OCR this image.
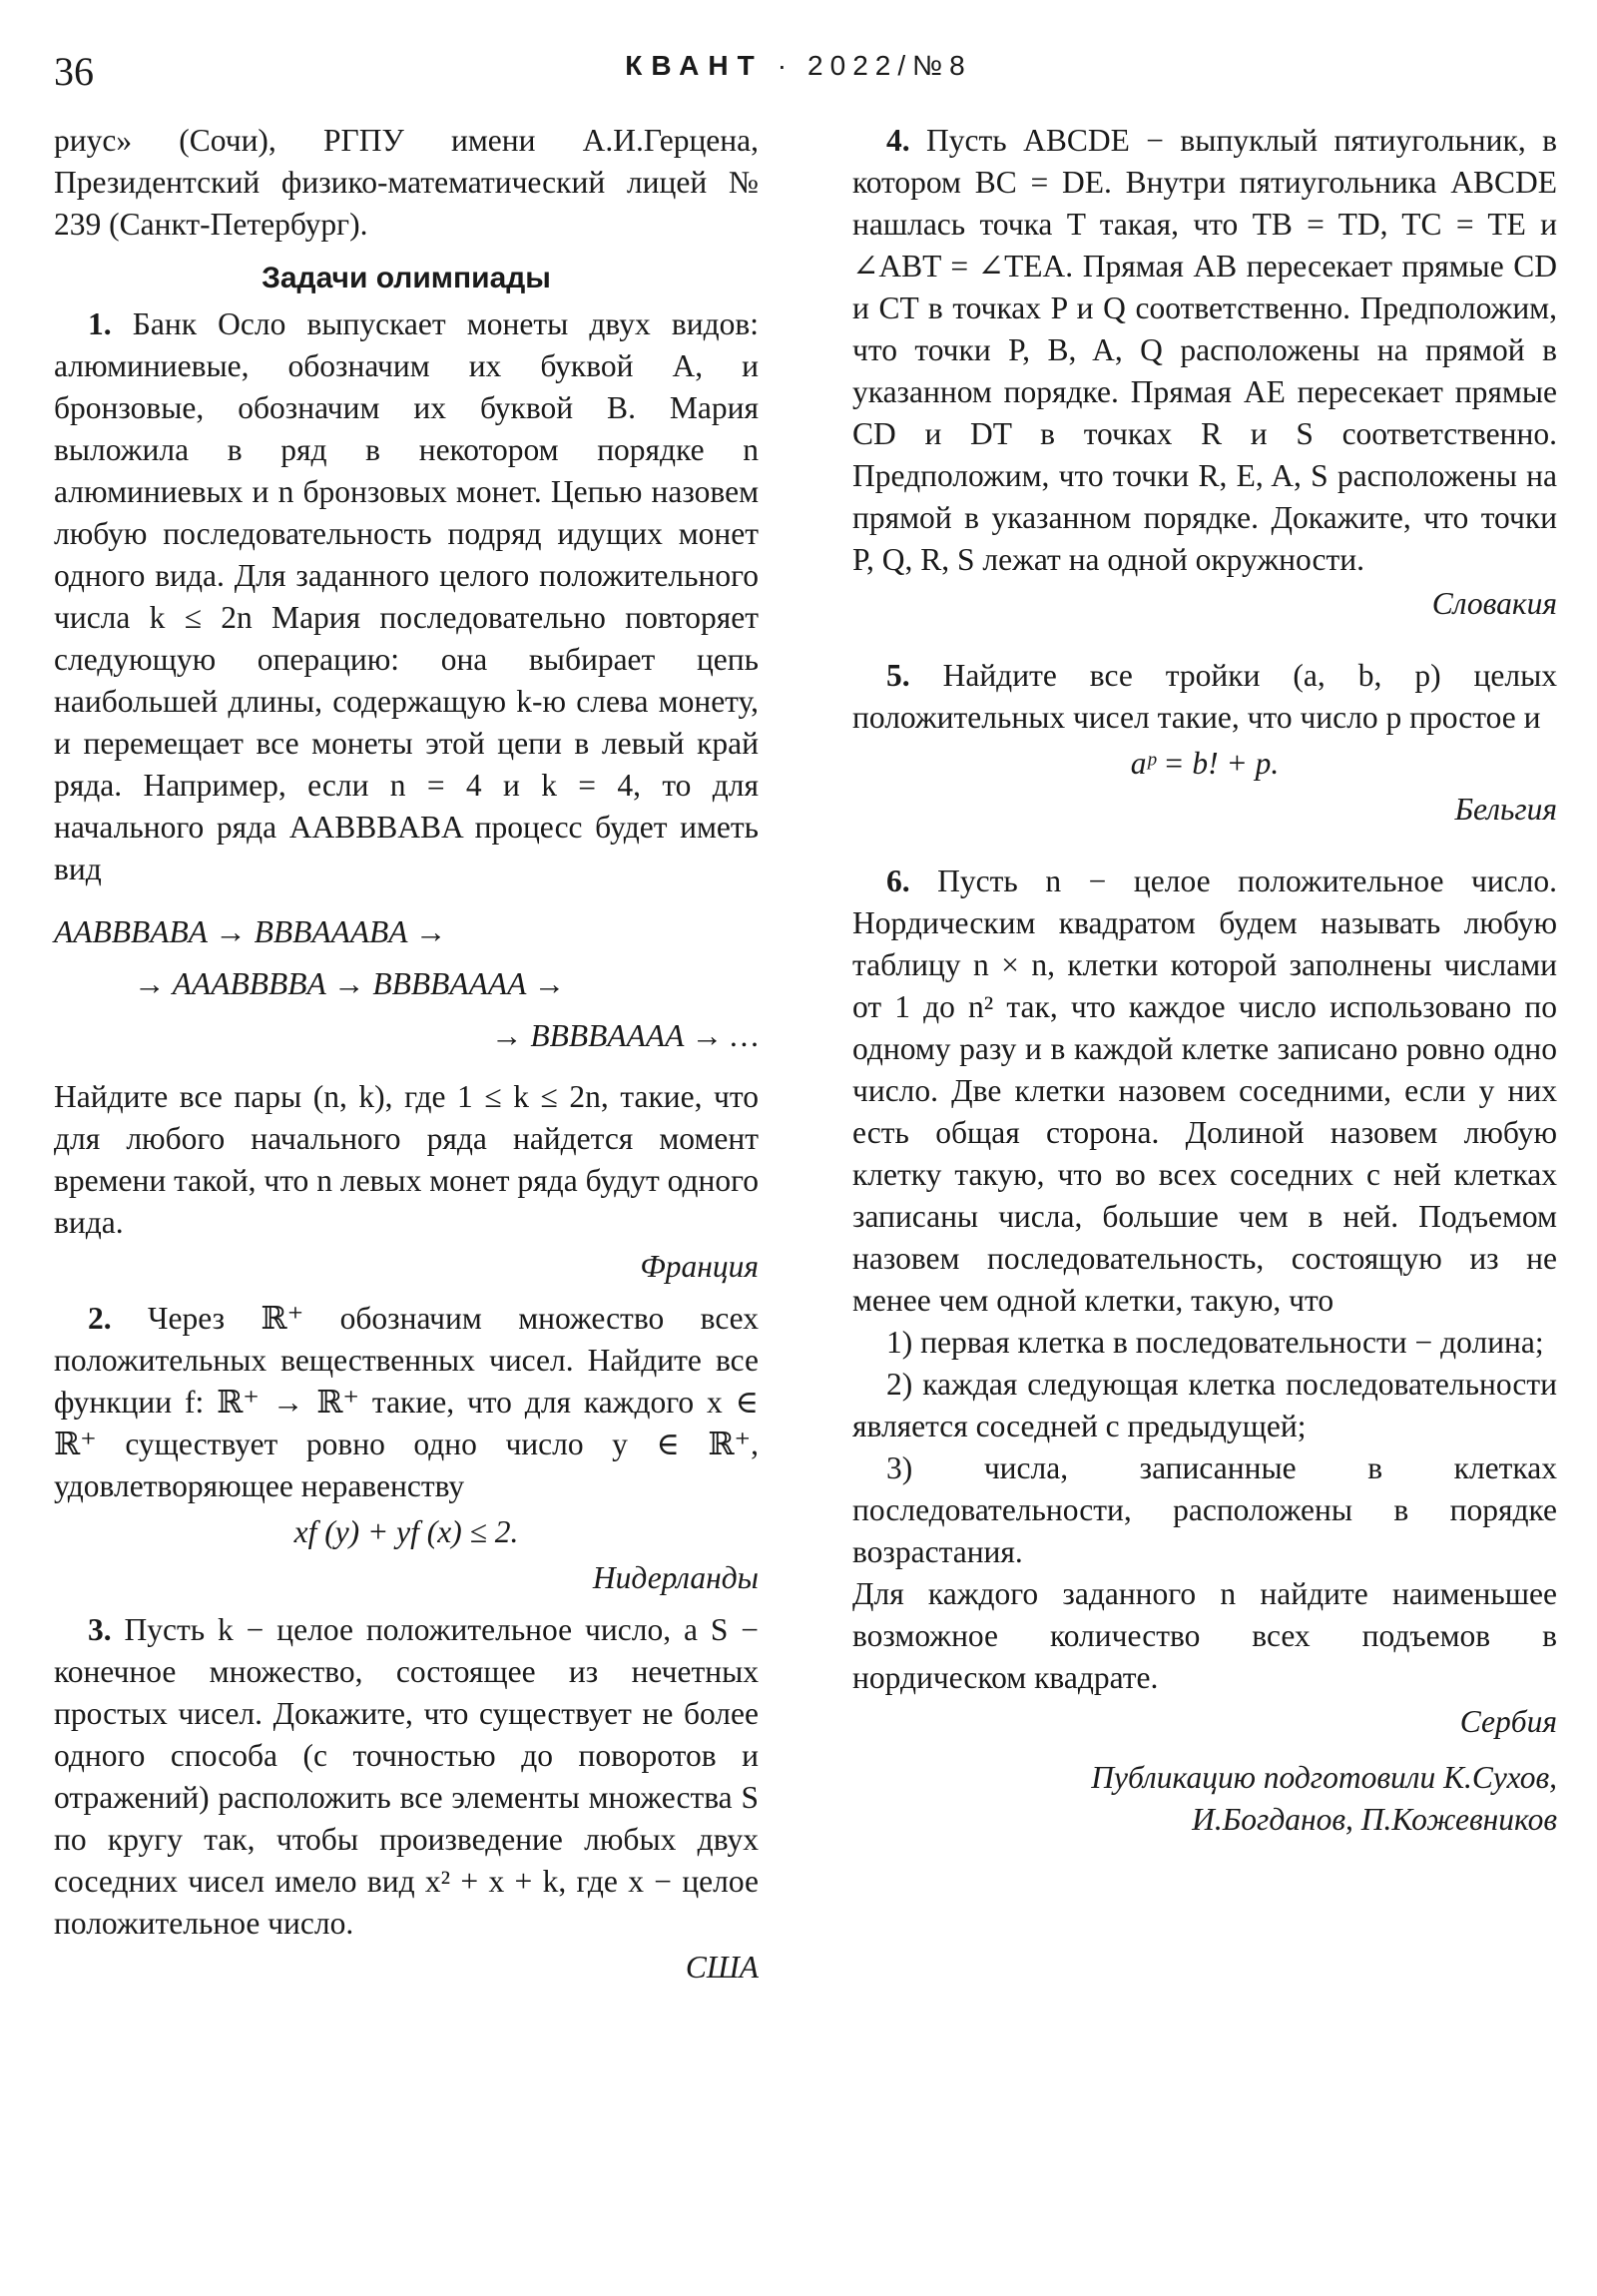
36	КВАНТ · 2022/№8

риус» (Сочи), РГПУ имени А.И.Герцена, Президентский физико-математический лицей № 239 (Санкт-Петербург).

Задачи олимпиады

1. Банк Осло выпускает монеты двух видов: алюминиевые, обозначим их буквой A, и бронзовые, обозначим их буквой B. Мария выложила в ряд в некотором порядке n алюминиевых и n бронзовых монет. Цепью назовем любую последовательность подряд идущих монет одного вида. Для заданного целого положительного числа k ≤ 2n Мария последовательно повторяет следующую операцию: она выбирает цепь наибольшей длины, содержащую k-ю слева монету, и перемещает все монеты этой цепи в левый край ряда. Например, если n = 4 и k = 4, то для начального ряда AABBBABA процесс будет иметь вид

AABBBABA → BBBAAABA →
→ AAABBBBA → BBBBAAAA →
→ BBBBAAAA → …

Найдите все пары (n, k), где 1 ≤ k ≤ 2n, такие, что для любого начального ряда найдется момент времени такой, что n левых монет ряда будут одного вида.

Франция

2. Через ℝ⁺ обозначим множество всех положительных вещественных чисел. Найдите все функции f: ℝ⁺ → ℝ⁺ такие, что для каждого x ∈ ℝ⁺ существует ровно одно число y ∈ ℝ⁺, удовлетворяющее неравенству

xf (y) + yf (x) ≤ 2.
Нидерланды

3. Пусть k − целое положительное число, а S − конечное множество, состоящее из нечетных простых чисел. Докажите, что существует не более одного способа (с точностью до поворотов и отражений) расположить все элементы множества S по кругу так, чтобы произведение любых двух соседних чисел имело вид x² + x + k, где x − целое положительное число.

США

4. Пусть ABCDE − выпуклый пятиугольник, в котором BC = DE. Внутри пятиугольника ABCDE нашлась точка T такая, что TB = TD, TC = TE и ∠ABT = ∠TEA. Прямая AB пересекает прямые CD и CT в точках P и Q соответственно. Предположим, что точки P, B, A, Q расположены на прямой в указанном порядке. Прямая AE пересекает прямые CD и DT в точках R и S соответственно. Предположим, что точки R, E, A, S расположены на прямой в указанном порядке. Докажите, что точки P, Q, R, S лежат на одной окружности.

Словакия

5. Найдите все тройки (a, b, p) целых положительных чисел такие, что число p простое и

aᵖ = b! + p.
Бельгия

6. Пусть n − целое положительное число. Нордическим квадратом будем называть любую таблицу n × n, клетки которой заполнены числами от 1 до n² так, что каждое число использовано по одному разу и в каждой клетке записано ровно одно число. Две клетки назовем соседними, если у них есть общая сторона. Долиной назовем любую клетку такую, что во всех соседних с ней клетках записаны числа, большие чем в ней. Подъемом назовем последовательность, состоящую из не менее чем одной клетки, такую, что

1) первая клетка в последовательности − долина;

2) каждая следующая клетка последовательности является соседней с предыдущей;

3) числа, записанные в клетках последовательности, расположены в порядке возрастания.

Для каждого заданного n найдите наименьшее возможное количество всех подъемов в нордическом квадрате.

Сербия
Публикацию подготовили К.Сухов,
И.Богданов, П.Кожевников
